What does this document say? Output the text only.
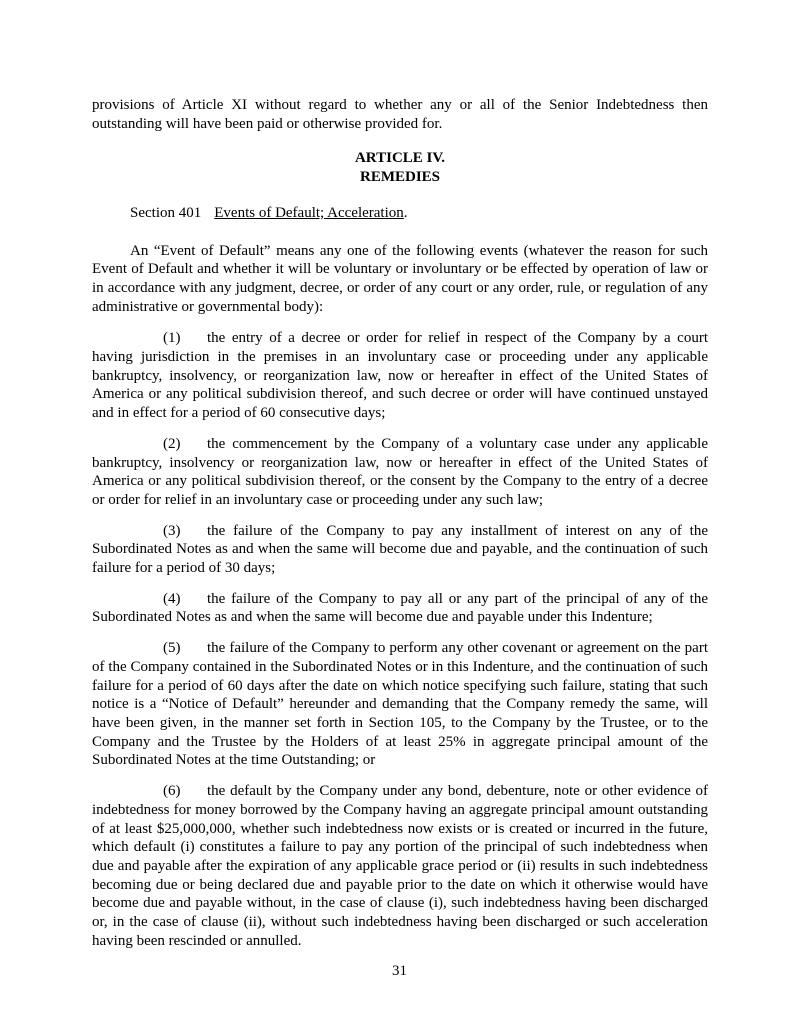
provisions of Article XI without regard to whether any or all of the Senior Indebtedness then outstanding will have been paid or otherwise provided for.

ARTICLE IV.
REMEDIES

Section 401 Events of Default; Acceleration.

An “Event of Default” means any one of the following events (whatever the reason for such Event of Default and whether it will be voluntary or involuntary or be effected by operation of law or in accordance with any judgment, decree, or order of any court or any order, rule, or regulation of any administrative or governmental body):

(1) the entry of a decree or order for relief in respect of the Company by a court having jurisdiction in the premises in an involuntary case or proceeding under any applicable bankruptcy, insolvency, or reorganization law, now or hereafter in effect of the United States of America or any political subdivision thereof, and such decree or order will have continued unstayed and in effect for a period of 60 consecutive days;

(2) the commencement by the Company of a voluntary case under any applicable bankruptcy, insolvency or reorganization law, now or hereafter in effect of the United States of America or any political subdivision thereof, or the consent by the Company to the entry of a decree or order for relief in an involuntary case or proceeding under any such law;

(3) the failure of the Company to pay any installment of interest on any of the Subordinated Notes as and when the same will become due and payable, and the continuation of such failure for a period of 30 days;

(4) the failure of the Company to pay all or any part of the principal of any of the Subordinated Notes as and when the same will become due and payable under this Indenture;

(5) the failure of the Company to perform any other covenant or agreement on the part of the Company contained in the Subordinated Notes or in this Indenture, and the continuation of such failure for a period of 60 days after the date on which notice specifying such failure, stating that such notice is a “Notice of Default” hereunder and demanding that the Company remedy the same, will have been given, in the manner set forth in Section 105, to the Company by the Trustee, or to the Company and the Trustee by the Holders of at least 25% in aggregate principal amount of the Subordinated Notes at the time Outstanding; or

(6) the default by the Company under any bond, debenture, note or other evidence of indebtedness for money borrowed by the Company having an aggregate principal amount outstanding of at least $25,000,000, whether such indebtedness now exists or is created or incurred in the future, which default (i) constitutes a failure to pay any portion of the principal of such indebtedness when due and payable after the expiration of any applicable grace period or (ii) results in such indebtedness becoming due or being declared due and payable prior to the date on which it otherwise would have become due and payable without, in the case of clause (i), such indebtedness having been discharged or, in the case of clause (ii), without such indebtedness having been discharged or such acceleration having been rescinded or annulled.

31
